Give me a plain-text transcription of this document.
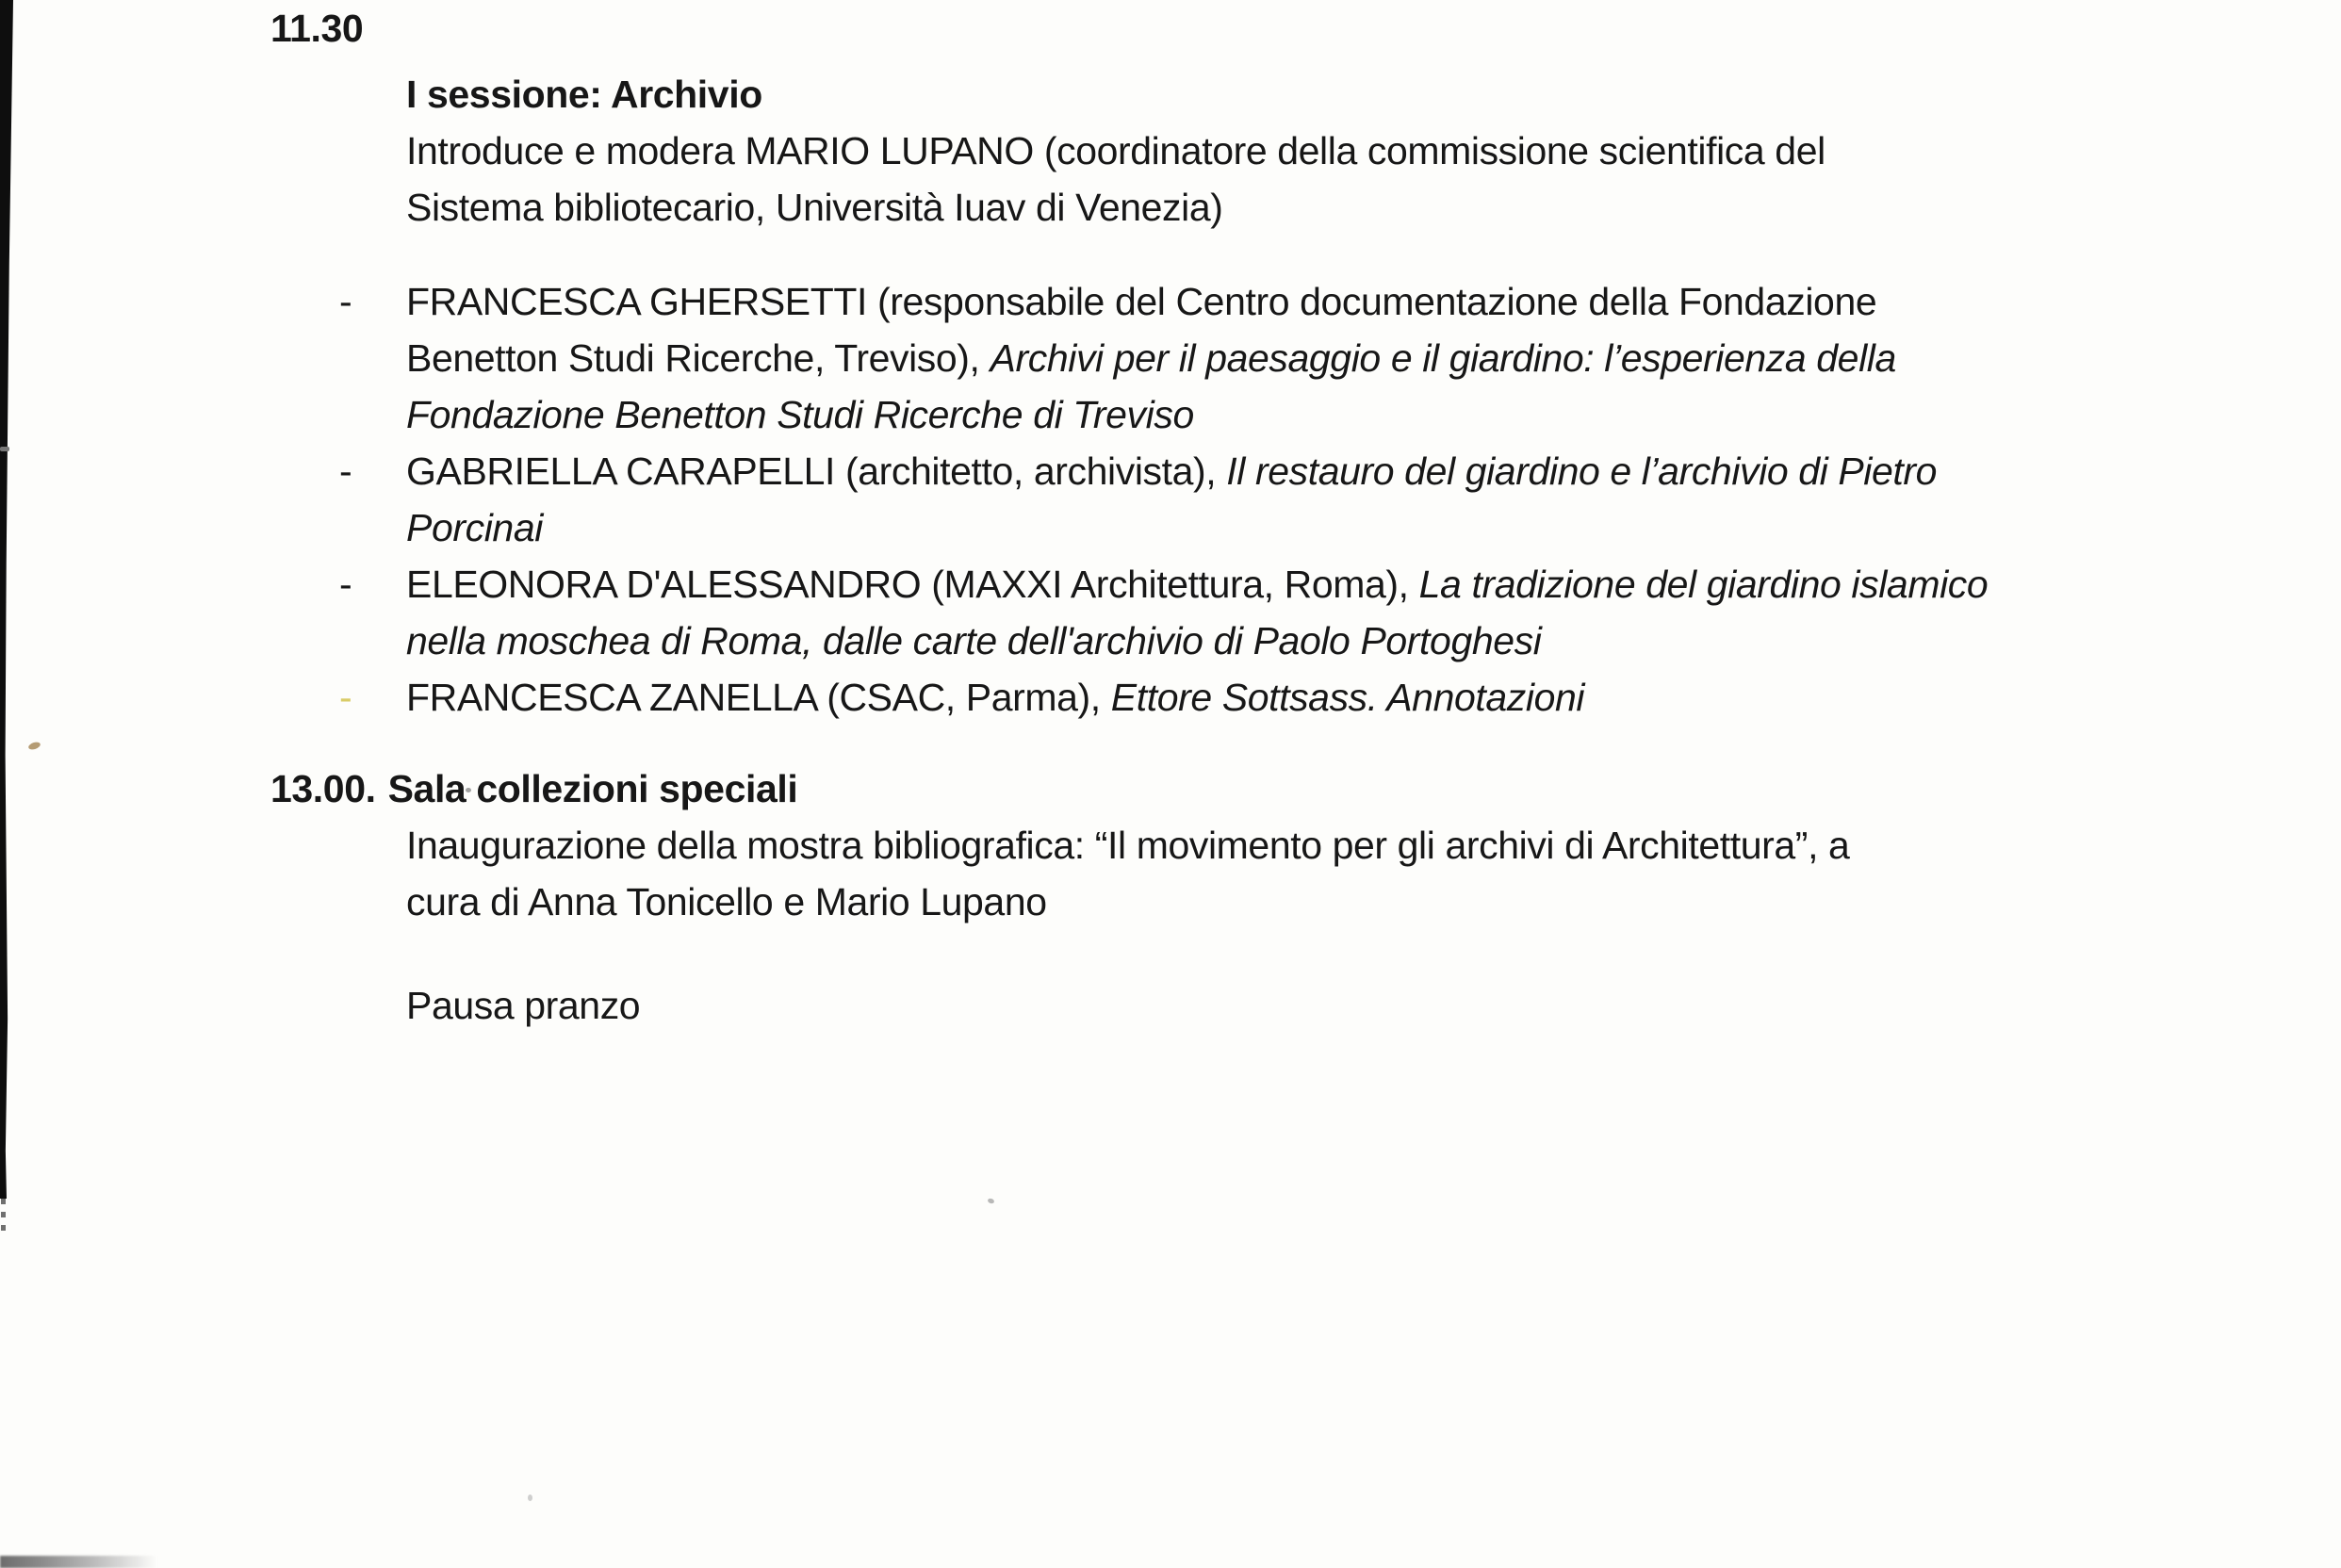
11.30
I sessione: Archivio
Introduce e modera MARIO LUPANO (coordinatore della commissione scientifica del
Sistema bibliotecario, Università Iuav di Venezia)
- FRANCESCA GHERSETTI (responsabile del Centro documentazione della Fondazione
Benetton Studi Ricerche, Treviso), Archivi per il paesaggio e il giardino: l’esperienza della
Fondazione Benetton Studi Ricerche di Treviso
- GABRIELLA CARAPELLI (architetto, archivista), Il restauro del giardino e l’archivio di Pietro
Porcinai
- ELEONORA D'ALESSANDRO (MAXXI Architettura, Roma), La tradizione del giardino islamico
nella moschea di Roma, dalle carte dell'archivio di Paolo Portoghesi
- FRANCESCA ZANELLA (CSAC, Parma), Ettore Sottsass. Annotazioni
13.00. Sala collezioni speciali
Inaugurazione della mostra bibliografica: “Il movimento per gli archivi di Architettura”, a
cura di Anna Tonicello e Mario Lupano
Pausa pranzo
